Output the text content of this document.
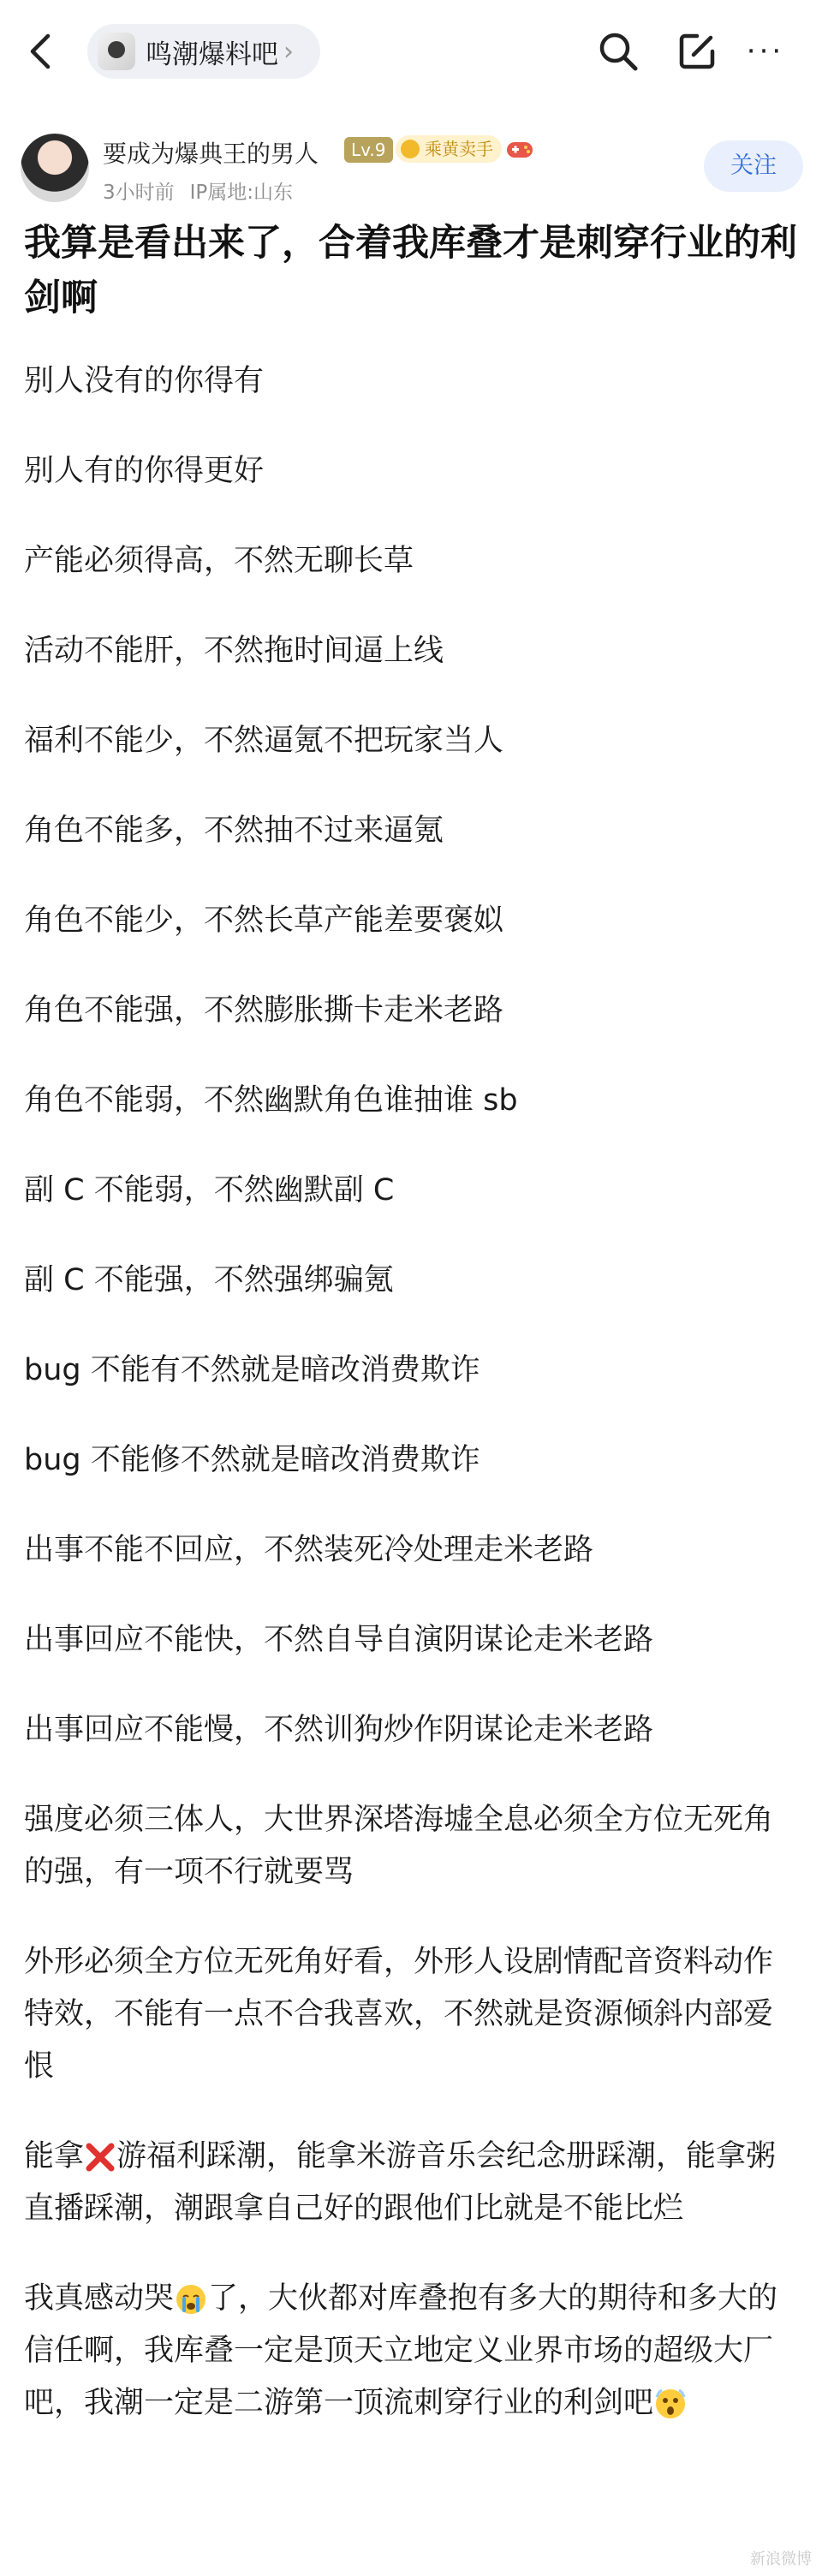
鸣潮爆料吧 ›	···
要成为爆典王的男人	Lv.9	乘黄卖手
3小时前 IP属地:山东
关注
我算是看出来了，合着我库叠才是刺穿行业的利剑啊

别人没有的你得有

别人有的你得更好

产能必须得高，不然无聊长草

活动不能肝，不然拖时间逼上线

福利不能少，不然逼氪不把玩家当人

角色不能多，不然抽不过来逼氪

角色不能少，不然长草产能差要褒姒

角色不能强，不然膨胀撕卡走米老路

角色不能弱，不然幽默角色谁抽谁 sb

副 C 不能弱，不然幽默副 C

副 C 不能强，不然强绑骗氪

bug 不能有不然就是暗改消费欺诈

bug 不能修不然就是暗改消费欺诈

出事不能不回应，不然装死冷处理走米老路

出事回应不能快，不然自导自演阴谋论走米老路

出事回应不能慢，不然训狗炒作阴谋论走米老路

强度必须三体人，大世界深塔海墟全息必须全方位无死角的强，有一项不行就要骂

外形必须全方位无死角好看，外形人设剧情配音资料动作特效，不能有一点不合我喜欢，不然就是资源倾斜内部爱恨

能拿 游福利踩潮，能拿米游音乐会纪念册踩潮，能拿粥直播踩潮，潮跟拿自己好的跟他们比就是不能比烂

我真感动哭 了，大伙都对库叠抱有多大的期待和多大的信任啊，我库叠一定是顶天立地定义业界市场的超级大厂吧，我潮一定是二游第一顶流刺穿行业的利剑吧

新浪微博
